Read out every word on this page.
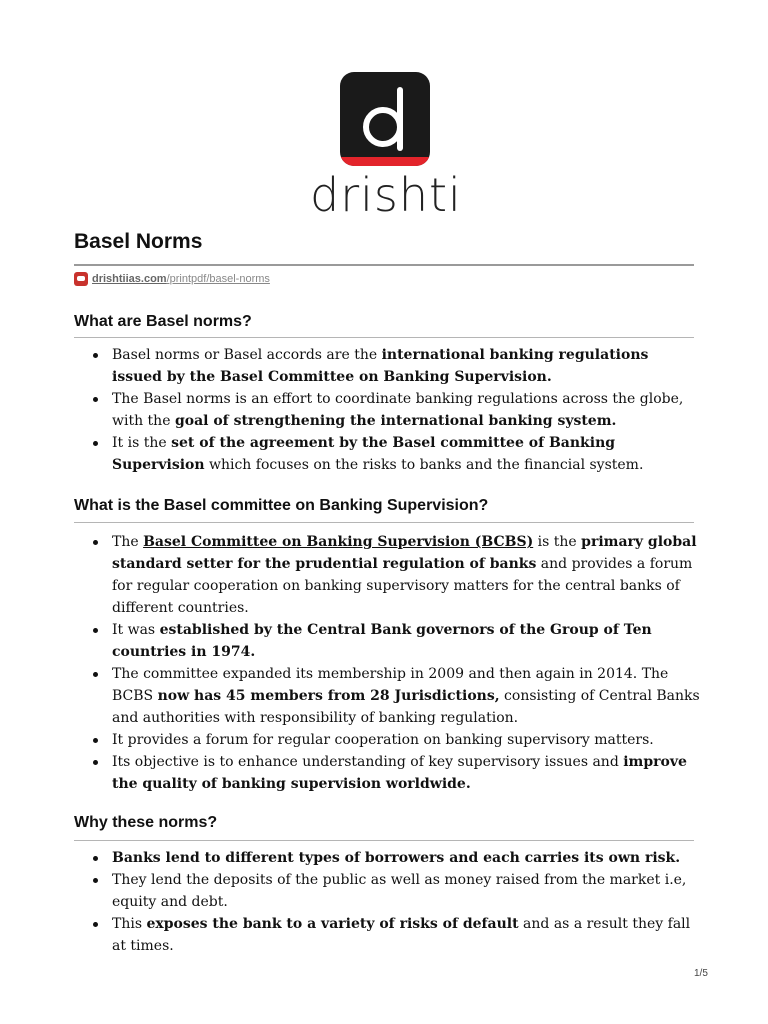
drishti
Basel Norms
drishtiias.com /printpdf/basel-norms
What are Basel norms?
Basel norms or Basel accords are the international banking regulations issued by the Basel Committee on Banking Supervision.
The Basel norms is an effort to coordinate banking regulations across the globe, with the goal of strengthening the international banking system.
It is the set of the agreement by the Basel committee of Banking Supervision which focuses on the risks to banks and the financial system.
What is the Basel committee on Banking Supervision?
The Basel Committee on Banking Supervision (BCBS) is the primary global standard setter for the prudential regulation of banks and provides a forum for regular cooperation on banking supervisory matters for the central banks of different countries.
It was established by the Central Bank governors of the Group of Ten countries in 1974.
The committee expanded its membership in 2009 and then again in 2014. The BCBS now has 45 members from 28 Jurisdictions, consisting of Central Banks and authorities with responsibility of banking regulation.
It provides a forum for regular cooperation on banking supervisory matters.
Its objective is to enhance understanding of key supervisory issues and improve the quality of banking supervision worldwide.
Why these norms?
Banks lend to different types of borrowers and each carries its own risk.
They lend the deposits of the public as well as money raised from the market i.e, equity and debt.
This exposes the bank to a variety of risks of default and as a result they fall at times.
1/5
